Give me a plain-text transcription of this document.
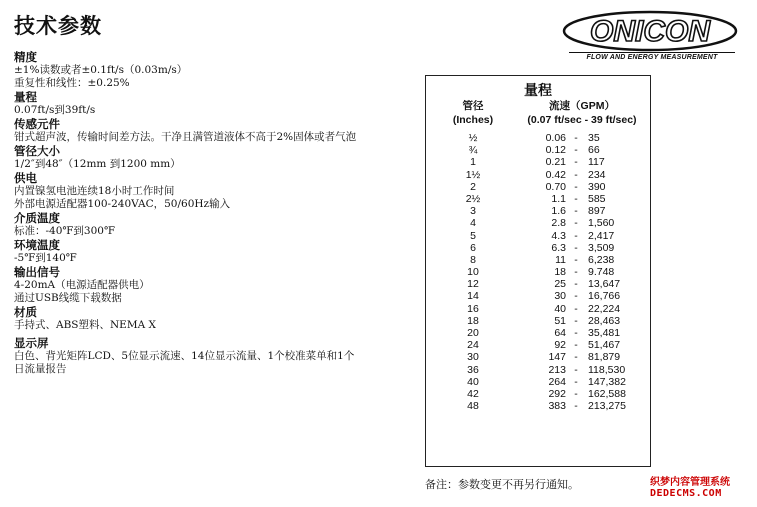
技术参数
精度
±1%读数或者±0.1ft/s（0.03m/s）
重复性和线性：±0.25%
量程
0.07ft/s到39ft/s
传感元件
钳式超声波，传输时间差方法。干净且满管道液体不高于2%固体或者气泡
管径大小
1/2″到48″（12mm 到1200 mm）
供电
内置镍氢电池连续18小时工作时间
外部电源适配器100-240VAC，50/60Hz输入
介质温度
标准：-40℉到300℉
环境温度
-5℉到140℉
输出信号
4-20mA（电源适配器供电）
通过USB线缆下载数据
材质
手持式、ABS塑料、NEMA X
显示屏
白色、背光矩阵LCD、5位显示流速、14位显示流量、1个校准菜单和1个日流量报告
ONICON
FLOW AND ENERGY MEASUREMENT
量程
管径
(Inches)
流速（GPM）
(0.07 ft/sec - 39 ft/sec)
½	0.06 - 35
¾	0.12 - 66
1	0.21 - 117
1½	0.42 - 234
2	0.70 - 390
2½	1.1 - 585
3	1.6 - 897
4	2.8 - 1,560
5	4.3 - 2,417
6	6.3 - 3,509
8	11 - 6,238
10	18 - 9.748
12	25 - 13,647
14	30 - 16,766
16	40 - 22,224
18	51 - 28,463
20	64 - 35,481
24	92 - 51,467
30	147 - 81,879
36	213 - 118,530
40	264 - 147,382
42	292 - 162,588
48	383 - 213,275
备注：参数变更不再另行通知。	织梦内容管理系统
DEDECMS.COM
